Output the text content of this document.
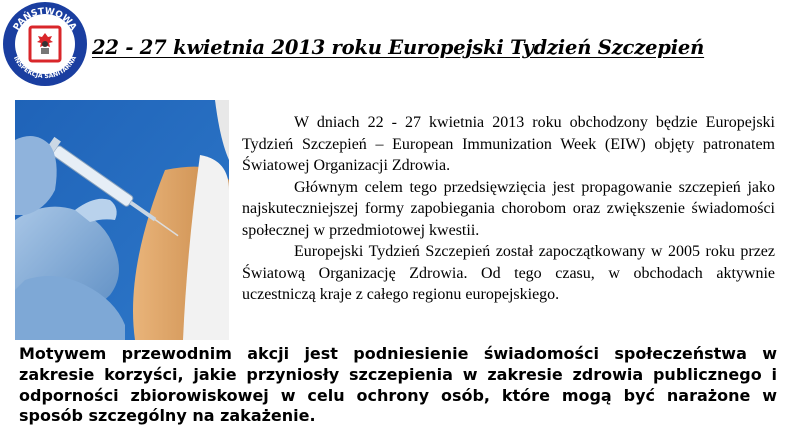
PAŃSTWOWA
INSPEKCJA SANITARNA 22 - 27 kwietnia 2013 roku Europejski Tydzień Szczepień

W dniach 22 - 27 kwietnia 2013 roku obchodzony będzie Europejski Tydzień Szczepień – European Immunization Week (EIW) objęty patronatem Światowej Organizacji Zdrowia.

Głównym celem tego przedsięwzięcia jest propagowanie szczepień jako najskuteczniejszej formy zapobiegania chorobom oraz zwiększenie świadomości społecznej w przedmiotowej kwestii.

Europejski Tydzień Szczepień został zapoczątkowany w 2005 roku przez Światową Organizację Zdrowia. Od tego czasu, w obchodach aktywnie uczestniczą kraje z całego regionu europejskiego.

Motywem przewodnim akcji jest podniesienie świadomości społeczeństwa w zakresie korzyści, jakie przyniosły szczepienia w zakresie zdrowia publicznego i odporności zbiorowiskowej w celu ochrony osób, które mogą być narażone w sposób szczególny na zakażenie.
